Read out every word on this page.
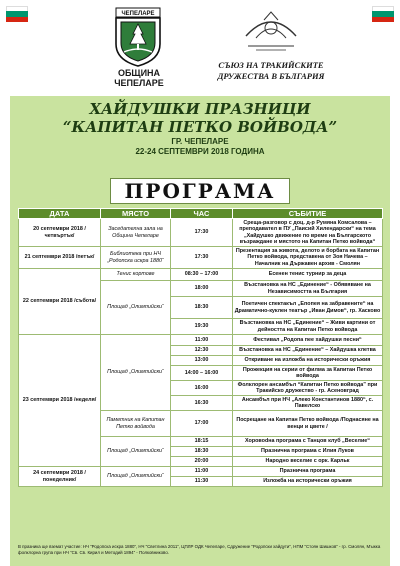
ЧЕПЕЛАРЕ
ОБЩИНА
ЧЕПЕЛАРЕ
СЪЮЗ НА ТРАКИЙСКИТЕ
ДРУЖЕСТВА В БЪЛГАРИЯ
ХАЙДУШКИ ПРАЗНИЦИ
“КАПИТАН ПЕТКО ВОЙВОДА”
ГР. ЧЕПЕЛАРЕ
22-24 СЕПТЕМВРИ 2018 ГОДИНА
ПРОГРАМА
ДАТА	МЯСТО	ЧАС	СЪБИТИЕ
20 септември 2018 /четвъртък/	Заседателна зала на Община Чепеларе	17:30	Среща-разговор с доц. д-р Румяна Комсалова – преподавател в ПУ „Паисий Хилендарски“ на тема „Хайдушко движение по време на Българското възраждане и мястото на Капитан Петко войвода“
21 септември 2018 /петък/	Библиотека при НЧ „Родопска искра 1880“	17:30	Презентация за живота, делото и борбата на Капитан Петко войвода, представена от Зоя Начева – Началник на Държавен архив - Смолян
22 септември 2018 /събота/	Тенис кортове	08:30 – 17:00	Есенен тенис турнир за деца
	Площад „Олимпийски“	18:00	Възстановка на НС „Единение“ - Обявяване на Независимостта на България
		18:30	Поетичен спектакъл „Епопея на забравените“ на Драматично-куклен театър „Иван Димов“, гр. Хасково
		19:30	Възстановка на НС „Единение“ – Живи картини от дейността на Капитан Петко войвода
23 септември 2018 /неделя/	Площад „Олимпийски“	11:00	Фестивал „Родопа пее хайдушки песни“
		12:30	Възстановка на НС „Единение“ – Хайдушка клетва
		13:00	Откриване на изложба на исторически оръжия
		14:00 – 16:00	Прожекция на серии от филма за Капитан Петко войвода
		16:00	Фолклорен ансамбъл “Капитан Петко войвода” при Тракийско дружество - гр. Асеновград
		16:30	Ансамбъл при НЧ „Алеко Константинов 1880“, с. Павелско
	Паметник на Капитан Петко войвода	17:00	Посрещане на Капитан Петко войвода /Поднасяне на венци и цвете /
	Площад „Олимпийски“	18:15	Хоровоdна програма с Танцов клуб „Веселие“
		18:30	Празнична програма с Илия Луков
		20:00	Народно веселие с орк. Карльк
24 септември 2018 /понеделник/	Площад „Олимпийски“	11:00	Празнична програма
		11:30	Изложба на исторически оръжия
В празника ще вземат участие: НЧ “Родопска искра 1880”, НЧ “Светлина 2011”, ЦПЛР ОДК Чепеларе, Сдружение “Родопски хайдути”, НПМ “Стоян Шишков” - гр. Смолян, Мъжка фолклорна група при НЧ “Св. Св. Кирил и Методий 1894” - Полковниково.
